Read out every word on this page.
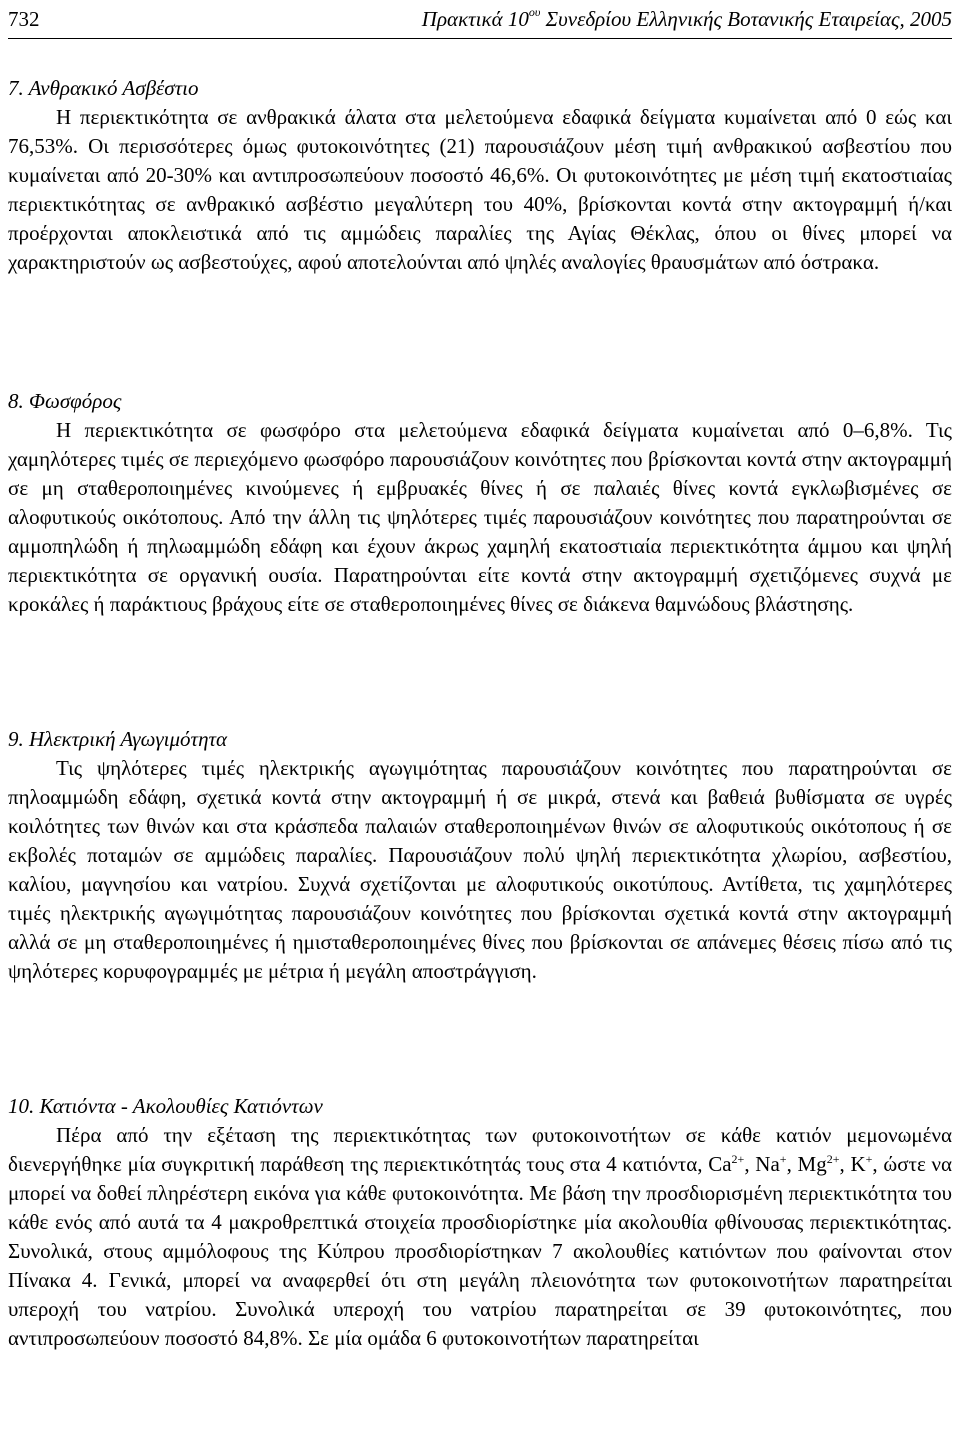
732	Πρακτικά $10^{o\upsilon}$ Συνεδρίου Ελληνικής Βοτανικής Εταιρείας, 2005

7. Ανθρακικό Ασβέστιο

Η περιεκτικότητα σε ανθρακικά άλατα στα μελετούμενα εδαφικά δείγματα κυμαίνεται από 0 εώς και 76,53%. Οι περισσότερες όμως φυτοκοινότητες (21) παρουσιάζουν μέση τιμή ανθρακικού ασβεστίου που κυμαίνεται από 20-30% και αντιπροσωπεύουν ποσοστό 46,6%. Οι φυτοκοινότητες με μέση τιμή εκατοστιαίας περιεκτικότητας σε ανθρακικό ασβέστιο μεγαλύτερη του 40%, βρίσκονται κοντά στην ακτογραμμή ή/και προέρχονται αποκλειστικά από τις αμμώδεις παραλίες της Αγίας Θέκλας, όπου οι θίνες μπορεί να χαρακτηριστούν ως ασβεστούχες, αφού αποτελούνται από ψηλές αναλογίες θραυσμάτων από όστρακα.

8. Φωσφόρος

Η περιεκτικότητα σε φωσφόρο στα μελετούμενα εδαφικά δείγματα κυμαίνεται από 0–6,8%. Τις χαμηλότερες τιμές σε περιεχόμενο φωσφόρο παρουσιάζουν κοινότητες που βρίσκονται κοντά στην ακτογραμμή σε μη σταθεροποιημένες κινούμενες ή εμβρυακές θίνες ή σε παλαιές θίνες κοντά εγκλωβισμένες σε αλοφυτικούς οικότοπους. Από την άλλη τις ψηλότερες τιμές παρουσιάζουν κοινότητες που παρατηρούνται σε αμμοπηλώδη ή πηλωαμμώδη εδάφη και έχουν άκρως χαμηλή εκατοστιαία περιεκτικότητα άμμου και ψηλή περιεκτικότητα σε οργανική ουσία. Παρατηρούνται είτε κοντά στην ακτογραμμή σχετιζόμενες συχνά με κροκάλες ή παράκτιους βράχους είτε σε σταθεροποιημένες θίνες σε διάκενα θαμνώδους βλάστησης.

9. Ηλεκτρική Αγωγιμότητα

Τις ψηλότερες τιμές ηλεκτρικής αγωγιμότητας παρουσιάζουν κοινότητες που παρατηρούνται σε πηλοαμμώδη εδάφη, σχετικά κοντά στην ακτογραμμή ή σε μικρά, στενά και βαθειά βυθίσματα σε υγρές κοιλότητες των θινών και στα κράσπεδα παλαιών σταθεροποιημένων θινών σε αλοφυτικούς οικότοπους ή σε εκβολές ποταμών σε αμμώδεις παραλίες. Παρουσιάζουν πολύ ψηλή περιεκτικότητα χλωρίου, ασβεστίου, καλίου, μαγνησίου και νατρίου. Συχνά σχετίζονται με αλοφυτικούς οικοτύπους. Αντίθετα, τις χαμηλότερες τιμές ηλεκτρικής αγωγιμότητας παρουσιάζουν κοινότητες που βρίσκονται σχετικά κοντά στην ακτογραμμή αλλά σε μη σταθεροποιημένες ή ημισταθεροποιημένες θίνες που βρίσκονται σε απάνεμες θέσεις πίσω από τις ψηλότερες κορυφογραμμές με μέτρια ή μεγάλη αποστράγγιση.

10. Κατιόντα - Ακολουθίες Κατιόντων

Πέρα από την εξέταση της περιεκτικότητας των φυτοκοινοτήτων σε κάθε κατιόν μεμονωμένα διενεργήθηκε μία συγκριτική παράθεση της περιεκτικότητάς τους στα 4 κατιόντα, $Ca^{2+}$, Na+, $Mg^{2+}$, K+, ώστε να μπορεί να δοθεί πληρέστερη εικόνα για κάθε φυτοκοινότητα. Με βάση την προσδιορισμένη περιεκτικότητα του κάθε ενός από αυτά τα 4 μακροθρεπτικά στοιχεία προσδιορίστηκε μία ακολουθία φθίνουσας περιεκτικότητας. Συνολικά, στους αμμόλοφους της Κύπρου προσδιορίστηκαν 7 ακολουθίες κατιόντων που φαίνονται στον Πίνακα 4. Γενικά, μπορεί να αναφερθεί ότι στη μεγάλη πλειονότητα των φυτοκοινοτήτων παρατηρείται υπεροχή του νατρίου. Συνολικά υπεροχή του νατρίου παρατηρείται σε 39 φυτοκοινότητες, που αντιπροσωπεύουν ποσοστό 84,8%. Σε μία ομάδα 6 φυτοκοινοτήτων παρατηρείται
